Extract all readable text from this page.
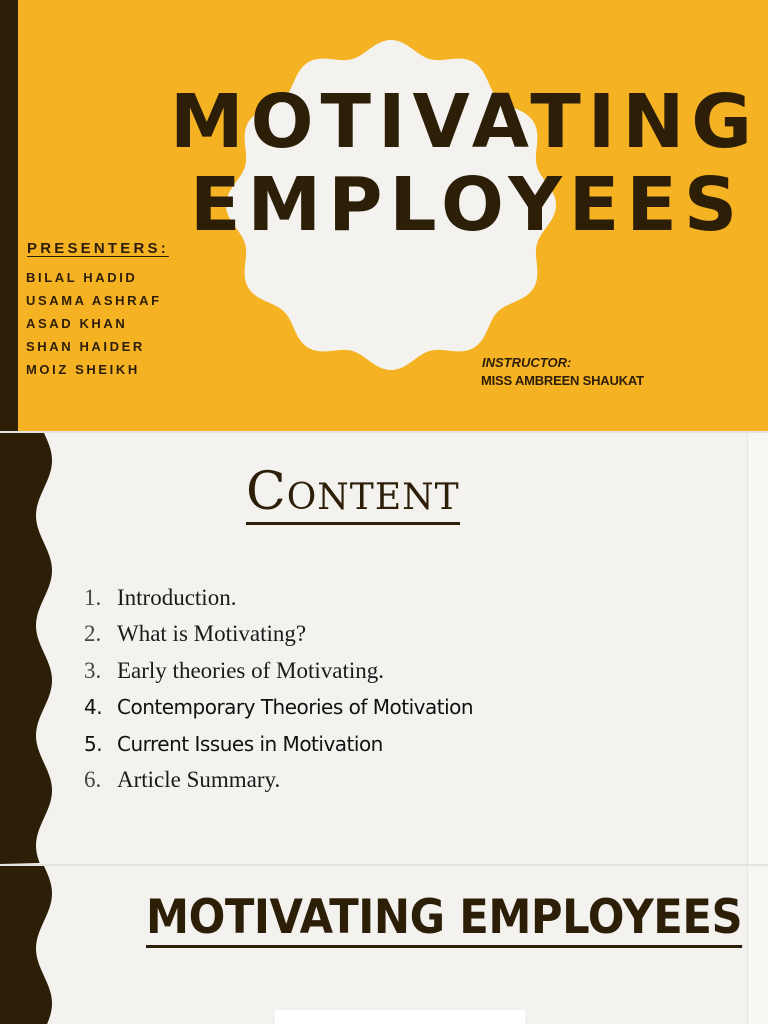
MOTIVATING
EMPLOYEES
PRESENTERS:
BILAL HADID
USAMA ASHRAF
ASAD KHAN
SHAN HAIDER
MOIZ SHEIKH	INSTRUCTOR:

MISS AMBREEN SHAUKAT

Content
1. Introduction.
2. What is Motivating?
3. Early theories of Motivating.
4. Contemporary Theories of Motivation
5. Current Issues in Motivation
6. Article Summary.
MOTIVATING EMPLOYEES
